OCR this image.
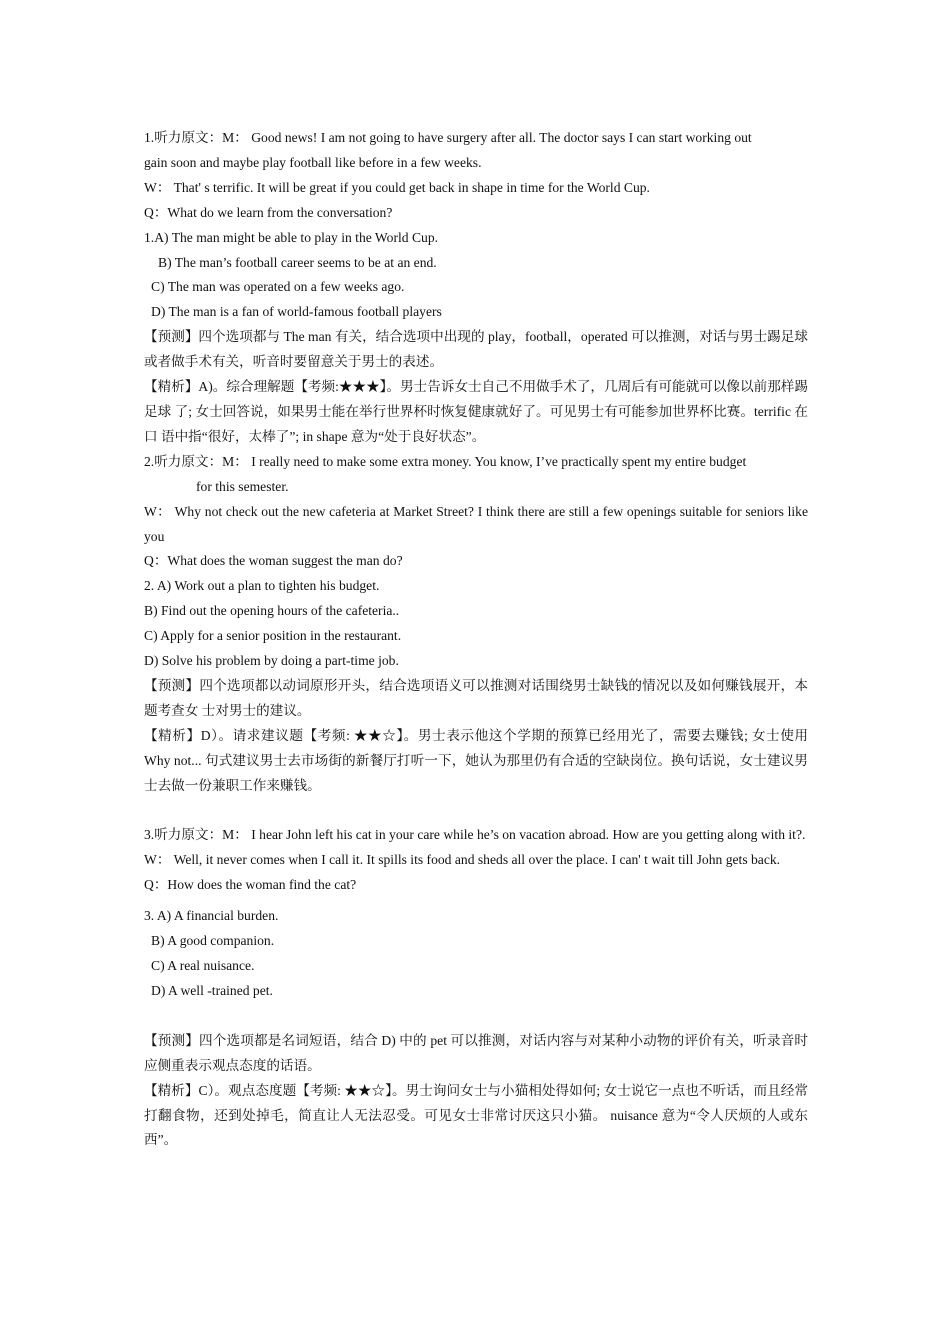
1.听力原文：M： Good news! I am not going to have surgery after all. The doctor says I can start working out
gain soon and maybe play football like before in a few weeks.
W： That' s terrific. It will be great if you could get back in shape in time for the World Cup.
Q：What do we learn from the conversation?
1.A) The man might be able to play in the World Cup.
B) The man’s football career seems to be at an end.
C) The man was operated on a few weeks ago.
D) The man is a fan of world-famous football players
【预测】四个选项都与 The man 有关，结合选项中出现的 play，football，operated 可以推测，对话与男士踢足球或者做手术有关，听音时要留意关于男士的表述。
【精析】A)。综合理解题【考频:★★★】。男士告诉女士自己不用做手术了，几周后有可能就可以像以前那样踢足球 了; 女士回答说，如果男士能在举行世界杯时恢复健康就好了。可见男士有可能参加世界杯比赛。terrific 在口 语中指“很好，太棒了”; in shape 意为“处于良好状态”。
2.听力原文：M： I really need to make some extra money. You know, I’ve practically spent my entire budget
for this semester.
W： Why not check out the new cafeteria at Market Street? I think there are still a few openings suitable for seniors like you
Q：What does the woman suggest the man do?
2. A) Work out a plan to tighten his budget.
B) Find out the opening hours of the cafeteria..
C) Apply for a senior position in the restaurant.
D) Solve his problem by doing a part-time job.
【预测】四个选项都以动词原形开头，结合选项语义可以推测对话围绕男士缺钱的情况以及如何赚钱展开，本题考查女 士对男士的建议。
【精析】D）。请求建议题【考频: ★★☆】。男士表示他这个学期的预算已经用光了，需要去赚钱; 女士使用 Why not... 句式建议男士去市场街的新餐厅打听一下，她认为那里仍有合适的空缺岗位。换句话说，女士建议男士去做一份兼职工作来赚钱。
3.听力原文：M： I hear John left his cat in your care while he’s on vacation abroad. How are you getting along with it?.
W： Well, it never comes when I call it. It spills its food and sheds all over the place. I can' t wait till John gets back.
Q：How does the woman find the cat?
3. A) A financial burden.
B) A good companion.
C) A real nuisance.
D) A well -trained pet.
【预测】四个选项都是名词短语，结合 D) 中的 pet 可以推测，对话内容与对某种小动物的评价有关，听录音时应侧重表示观点态度的话语。
【精析】C）。观点态度题【考频: ★★☆】。男士询问女士与小猫相处得如何; 女士说它一点也不听话，而且经常打翻食物，还到处掉毛，简直让人无法忍受。可见女士非常讨厌这只小猫。 nuisance 意为“令人厌烦的人或东西”。
